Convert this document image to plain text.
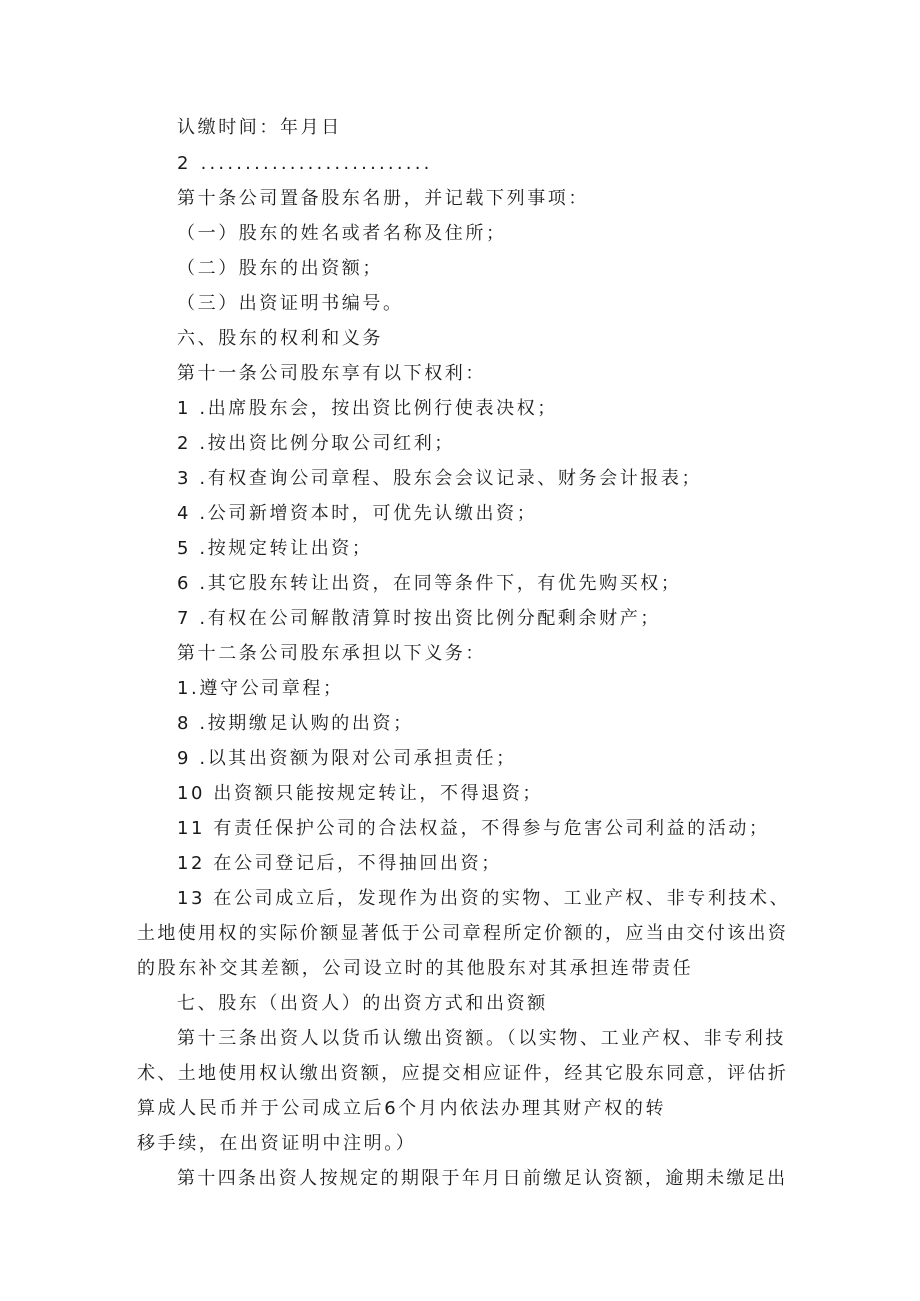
认缴时间：年月日
2 ..........................
第十条公司置备股东名册，并记载下列事项：
（一）股东的姓名或者名称及住所；
（二）股东的出资额；
（三）出资证明书编号。
六、股东的权利和义务
第十一条公司股东享有以下权利：
1 .出席股东会，按出资比例行使表决权；
2 .按出资比例分取公司红利；
3 .有权查询公司章程、股东会会议记录、财务会计报表；
4 .公司新增资本时，可优先认缴出资；
5 .按规定转让出资；
6 .其它股东转让出资，在同等条件下，有优先购买权；
7 .有权在公司解散清算时按出资比例分配剩余财产；
第十二条公司股东承担以下义务：
1.遵守公司章程；
8 .按期缴足认购的出资；
9 .以其出资额为限对公司承担责任；
10 出资额只能按规定转让，不得退资；
11 有责任保护公司的合法权益，不得参与危害公司利益的活动；
12 在公司登记后，不得抽回出资；
13 在公司成立后，发现作为出资的实物、工业产权、非专利技术、
土地使用权的实际价额显著低于公司章程所定价额的，应当由交付该出资
的股东补交其差额，公司设立时的其他股东对其承担连带责任
七、股东（出资人）的出资方式和出资额
第十三条出资人以货币认缴出资额。（以实物、工业产权、非专利技
术、土地使用权认缴出资额，应提交相应证件，经其它股东同意，评估折
算成人民币并于公司成立后6个月内依法办理其财产权的转
移手续，在出资证明中注明。）
第十四条出资人按规定的期限于年月日前缴足认资额，逾期未缴足出
